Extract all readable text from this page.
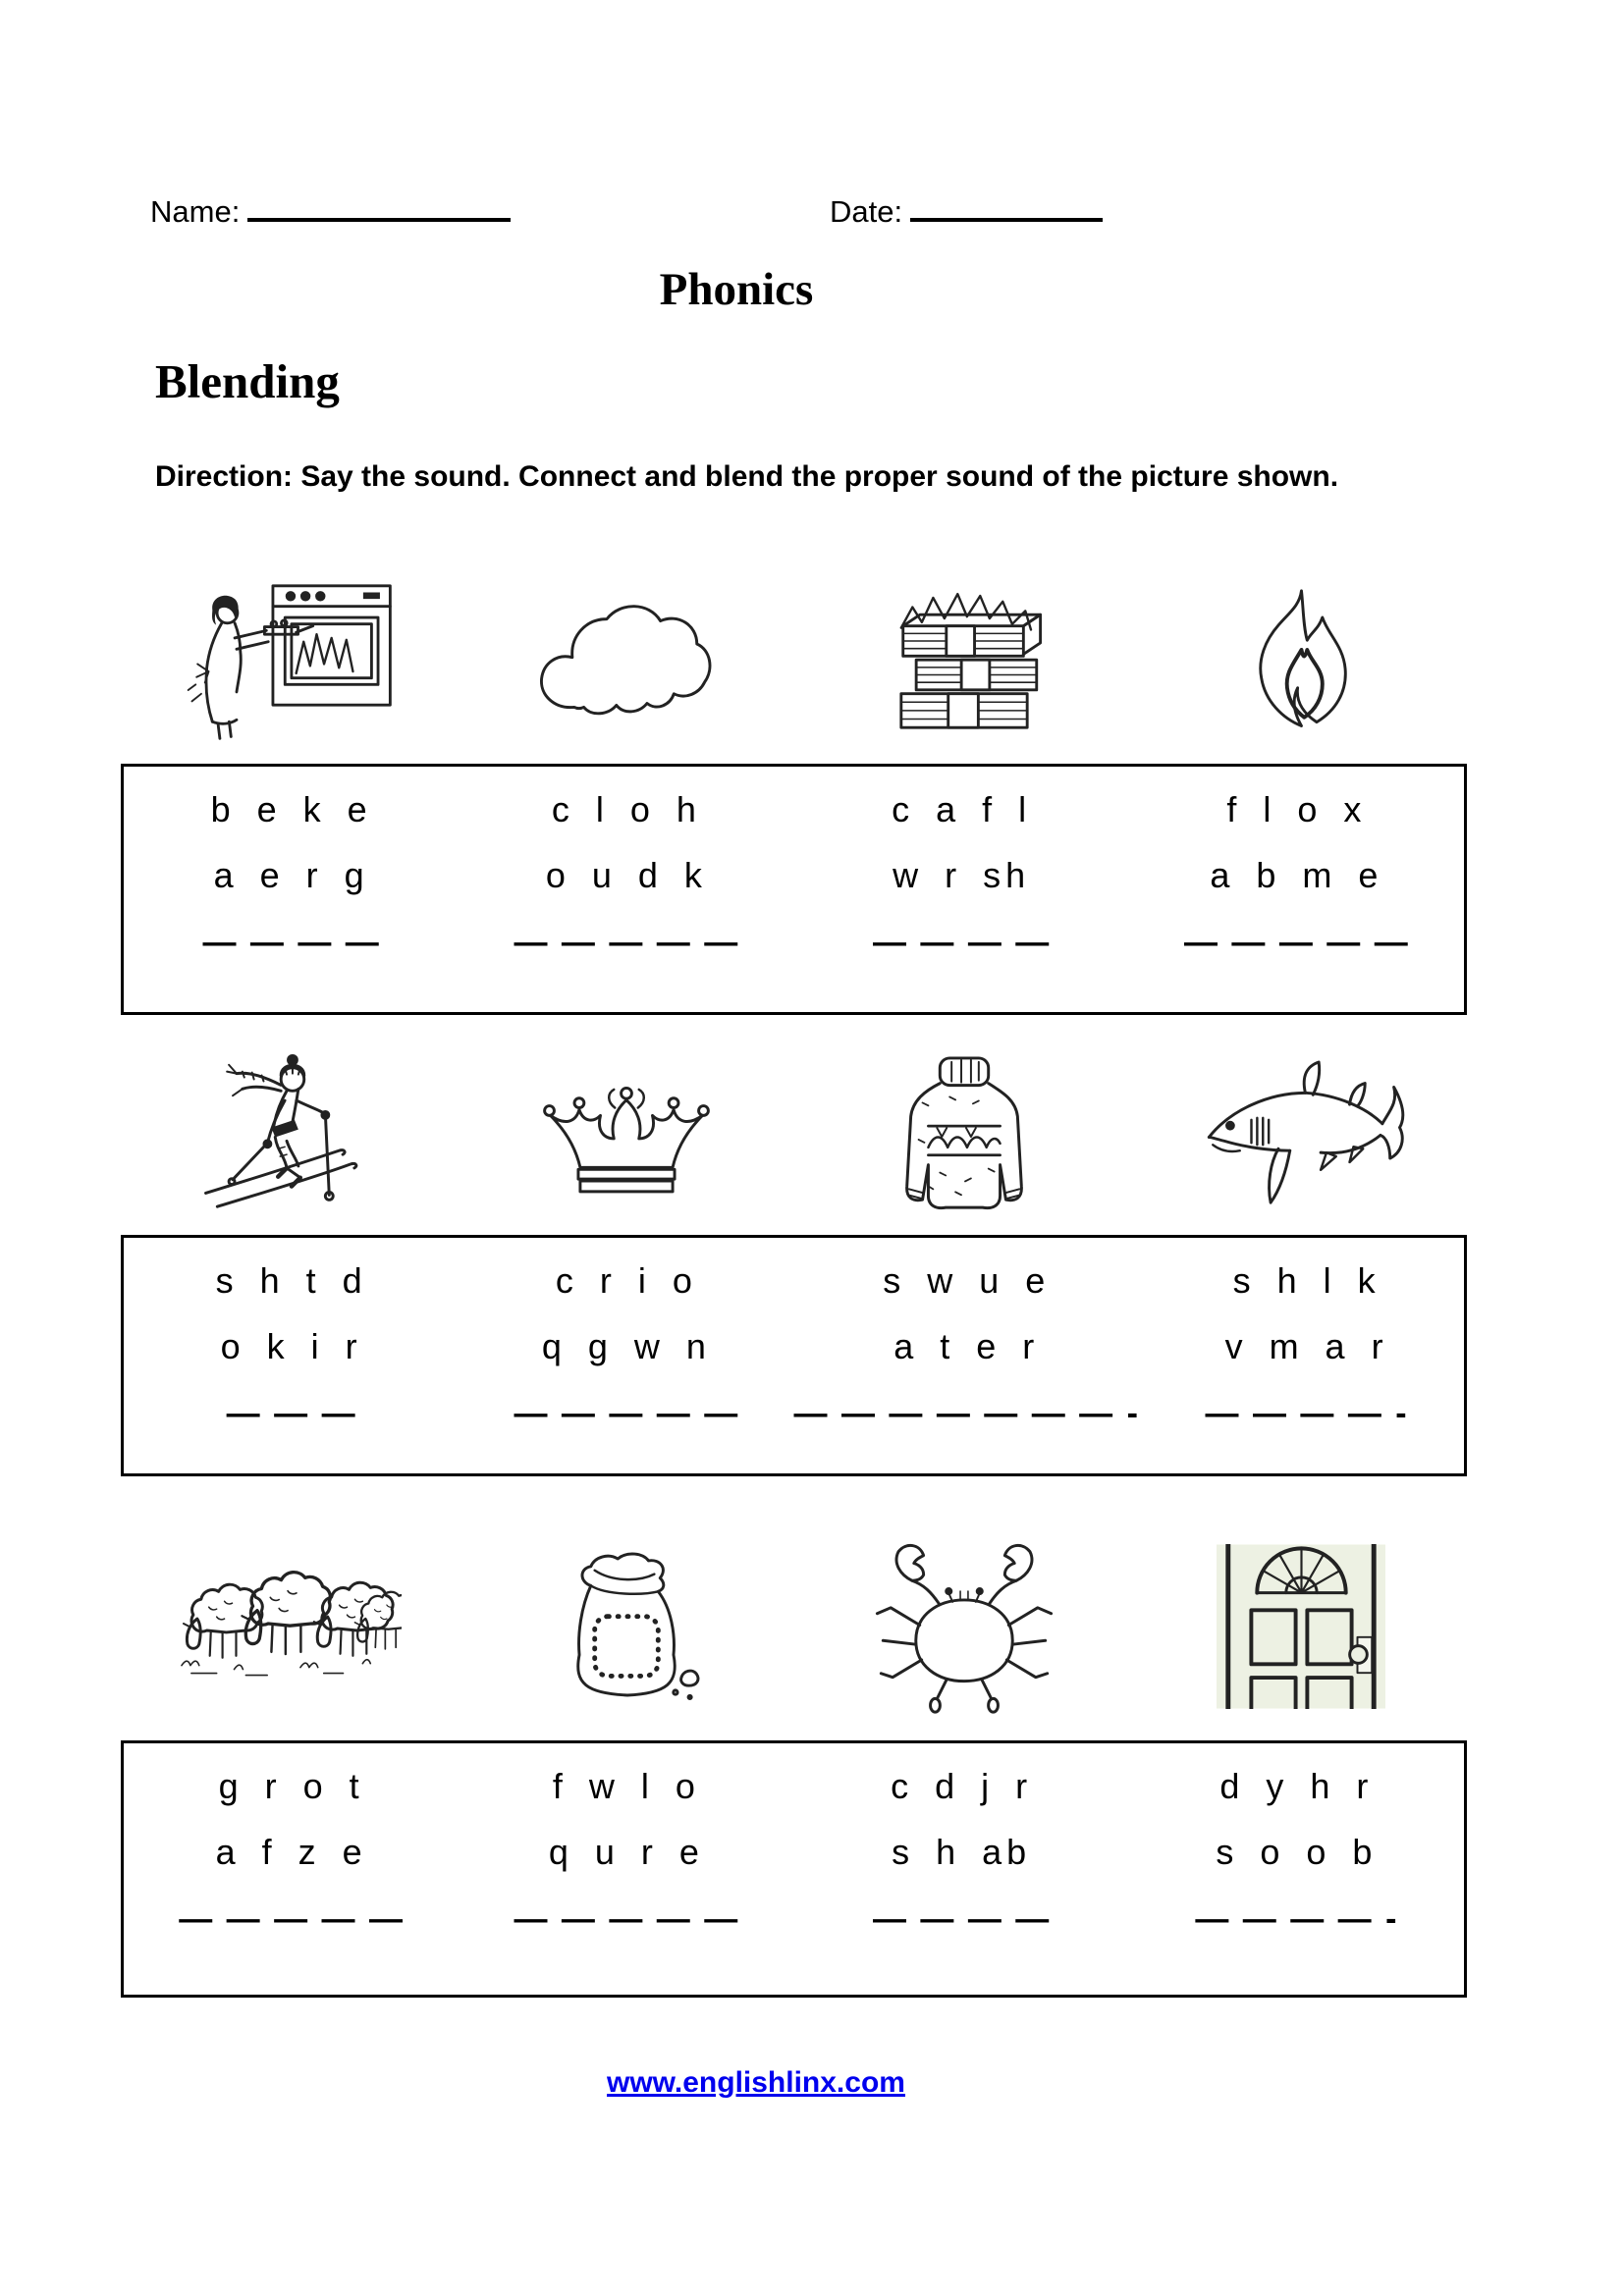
Name:	Date:
Phonics
Blending
Direction: Say the sound. Connect and blend the proper sound of the picture shown.
b e k e
a e r g
— — — —
c l o h
o u d k
— — — — —
c a f l
w r sh
— — — —
f l o x
a b m e
— — — — —
s h t d
o k i r
— — —
c r i o
q g w n
— — — — —
s w u e
a t e r
— — — — — — — -
s h l k
v m a r
— — — — -
g r o t
a f z e
— — — — —
f w l o
q u r e
— — — — —
c d j r
s h ab
— — — —
d y h r
s o o b
— — — — -
www.englishlinx.com
